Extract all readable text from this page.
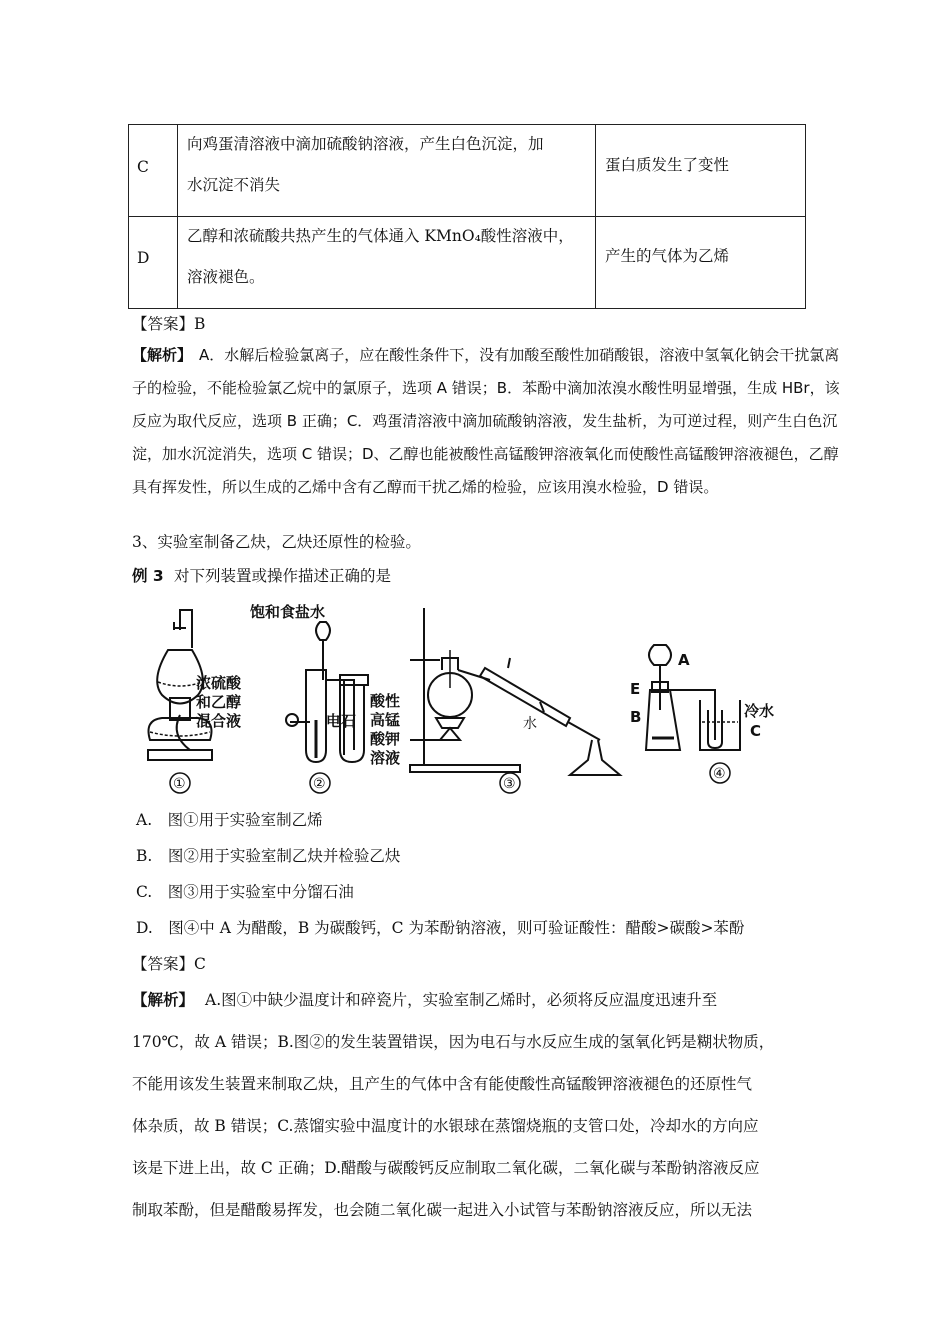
C
向鸡蛋清溶液中滴加硫酸钠溶液，产生白色沉淀，加
水沉淀不消失
蛋白质发生了变性
D
乙醇和浓硫酸共热产生的气体通入 KMnO₄酸性溶液中，
溶液褪色。
产生的气体为乙烯
【答案】B
【解析】 A．水解后检验氯离子，应在酸性条件下，没有加酸至酸性加硝酸银，溶液中氢氧化钠会干扰氯离
子的检验，不能检验氯乙烷中的氯原子，选项 A 错误；B．苯酚中滴加浓溴水酸性明显增强，生成 HBr，该
反应为取代反应，选项 B 正确；C．鸡蛋清溶液中滴加硫酸钠溶液，发生盐析，为可逆过程，则产生白色沉
淀，加水沉淀消失，选项 C 错误；D、乙醇也能被酸性高锰酸钾溶液氧化而使酸性高锰酸钾溶液褪色，乙醇
具有挥发性，所以生成的乙烯中含有乙醇而干扰乙烯的检验，应该用溴水检验，D 错误。
3、实验室制备乙炔，乙炔还原性的检验。
例 3 对下列装置或操作描述正确的是
浓硫酸
和乙醇
混合液
①
饱和食盐水
电石
酸性
高锰
酸钾
溶液
②
水
③
A
E
B	冷水
C
④
A.　图①用于实验室制乙烯
B.　图②用于实验室制乙炔并检验乙炔
C.　图③用于实验室中分馏石油
D.　图④中 A 为醋酸，B 为碳酸钙，C 为苯酚钠溶液，则可验证酸性：醋酸>碳酸>苯酚
【答案】C
【解析】 A.图①中缺少温度计和碎瓷片，实验室制乙烯时，必须将反应温度迅速升至
170℃，故 A 错误；B.图②的发生装置错误，因为电石与水反应生成的氢氧化钙是糊状物质，
不能用该发生装置来制取乙炔，且产生的气体中含有能使酸性高锰酸钾溶液褪色的还原性气
体杂质，故 B 错误；C.蒸馏实验中温度计的水银球在蒸馏烧瓶的支管口处，冷却水的方向应
该是下进上出，故 C 正确；D.醋酸与碳酸钙反应制取二氧化碳，二氧化碳与苯酚钠溶液反应
制取苯酚，但是醋酸易挥发，也会随二氧化碳一起进入小试管与苯酚钠溶液反应，所以无法
